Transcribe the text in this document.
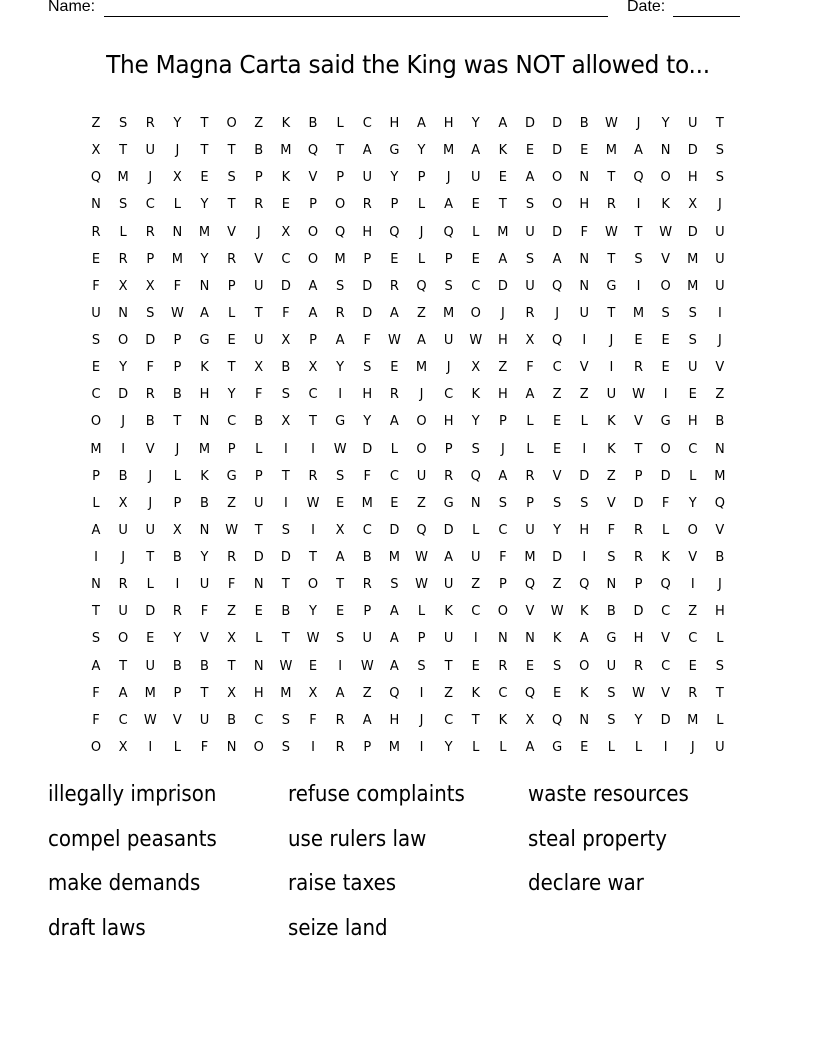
Name:	Date:
The Magna Carta said the King was NOT allowed to...
Z	S	R	Y	T	O	Z	K	B	L	C	H	A	H	Y	A	D	D	B	W	J	Y	U	T
X	T	U	J	T	T	B	M	Q	T	A	G	Y	M	A	K	E	D	E	M	A	N	D	S
Q	M	J	X	E	S	P	K	V	P	U	Y	P	J	U	E	A	O	N	T	Q	O	H	S
N	S	C	L	Y	T	R	E	P	O	R	P	L	A	E	T	S	O	H	R	I	K	X	J
R	L	R	N	M	V	J	X	O	Q	H	Q	J	Q	L	M	U	D	F	W	T	W	D	U
E	R	P	M	Y	R	V	C	O	M	P	E	L	P	E	A	S	A	N	T	S	V	M	U
F	X	X	F	N	P	U	D	A	S	D	R	Q	S	C	D	U	Q	N	G	I	O	M	U
U	N	S	W	A	L	T	F	A	R	D	A	Z	M	O	J	R	J	U	T	M	S	S	I
S	O	D	P	G	E	U	X	P	A	F	W	A	U	W	H	X	Q	I	J	E	E	S	J
E	Y	F	P	K	T	X	B	X	Y	S	E	M	J	X	Z	F	C	V	I	R	E	U	V
C	D	R	B	H	Y	F	S	C	I	H	R	J	C	K	H	A	Z	Z	U	W	I	E	Z
O	J	B	T	N	C	B	X	T	G	Y	A	O	H	Y	P	L	E	L	K	V	G	H	B
M	I	V	J	M	P	L	I	I	W	D	L	O	P	S	J	L	E	I	K	T	O	C	N
P	B	J	L	K	G	P	T	R	S	F	C	U	R	Q	A	R	V	D	Z	P	D	L	M
L	X	J	P	B	Z	U	I	W	E	M	E	Z	G	N	S	P	S	S	V	D	F	Y	Q
A	U	U	X	N	W	T	S	I	X	C	D	Q	D	L	C	U	Y	H	F	R	L	O	V
I	J	T	B	Y	R	D	D	T	A	B	M	W	A	U	F	M	D	I	S	R	K	V	B
N	R	L	I	U	F	N	T	O	T	R	S	W	U	Z	P	Q	Z	Q	N	P	Q	I	J
T	U	D	R	F	Z	E	B	Y	E	P	A	L	K	C	O	V	W	K	B	D	C	Z	H
S	O	E	Y	V	X	L	T	W	S	U	A	P	U	I	N	N	K	A	G	H	V	C	L
A	T	U	B	B	T	N	W	E	I	W	A	S	T	E	R	E	S	O	U	R	C	E	S
F	A	M	P	T	X	H	M	X	A	Z	Q	I	Z	K	C	Q	E	K	S	W	V	R	T
F	C	W	V	U	B	C	S	F	R	A	H	J	C	T	K	X	Q	N	S	Y	D	M	L
O	X	I	L	F	N	O	S	I	R	P	M	I	Y	L	L	A	G	E	L	L	I	J	U
illegally imprison
compel peasants
make demands
draft laws
refuse complaints
use rulers law
raise taxes
seize land
waste resources
steal property
declare war
